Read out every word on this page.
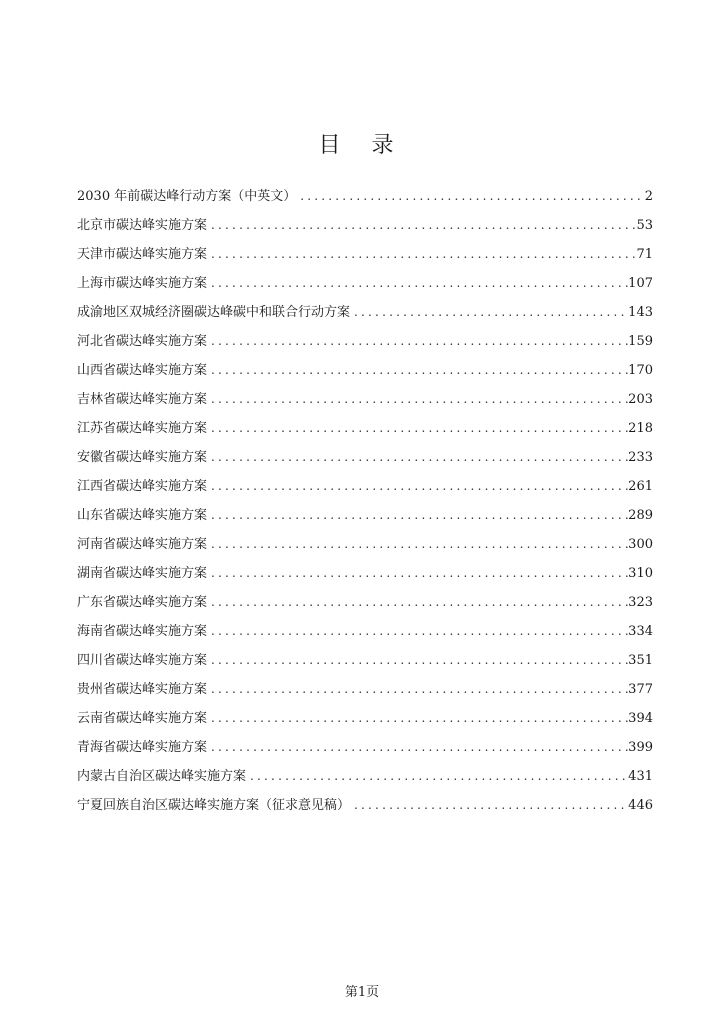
目 录
2030 年前碳达峰行动方案（中英文） .....	2
北京市碳达峰实施方案 .....	53
天津市碳达峰实施方案 .....	71
上海市碳达峰实施方案 .....	107
成渝地区双城经济圈碳达峰碳中和联合行动方案 .....	143
河北省碳达峰实施方案 .....	159
山西省碳达峰实施方案 .....	170
吉林省碳达峰实施方案 .....	203
江苏省碳达峰实施方案 .....	218
安徽省碳达峰实施方案 .....	233
江西省碳达峰实施方案 .....	261
山东省碳达峰实施方案 .....	289
河南省碳达峰实施方案 .....	300
湖南省碳达峰实施方案 .....	310
广东省碳达峰实施方案 .....	323
海南省碳达峰实施方案 .....	334
四川省碳达峰实施方案 .....	351
贵州省碳达峰实施方案 .....	377
云南省碳达峰实施方案 .....	394
青海省碳达峰实施方案 .....	399
内蒙古自治区碳达峰实施方案 .....	431
宁夏回族自治区碳达峰实施方案（征求意见稿） .....	446
第1页
